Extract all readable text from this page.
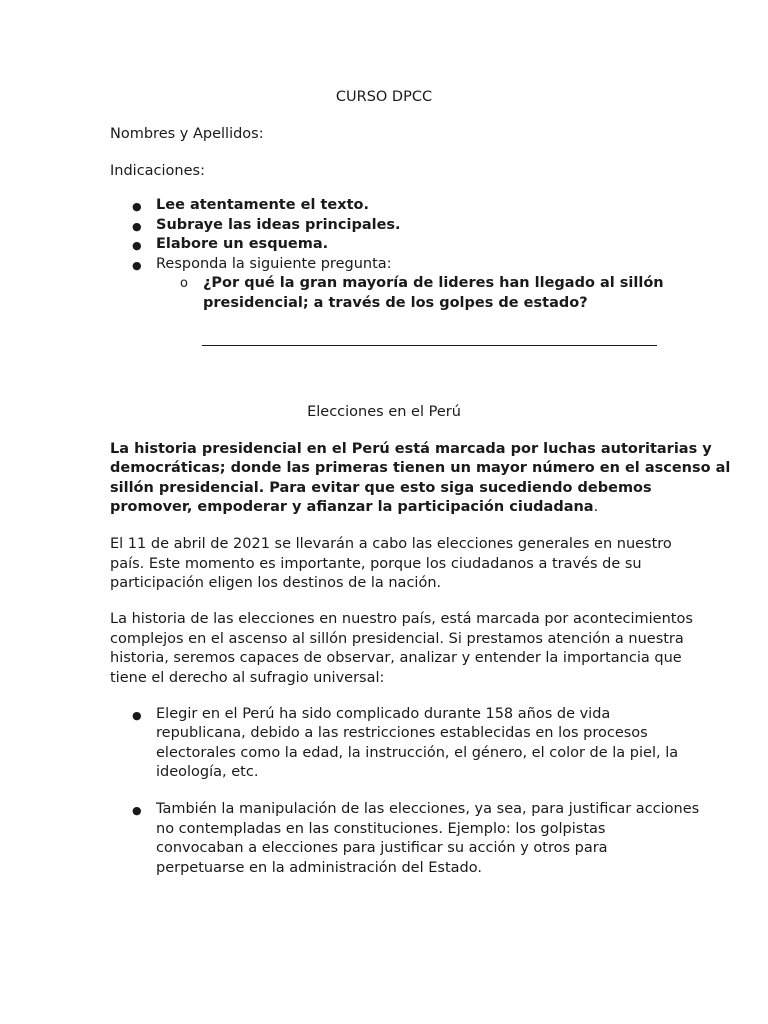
CURSO DPCC
Nombres y Apellidos:
Indicaciones:
● Lee atentamente el texto.
● Subraye las ideas principales.
● Elabore un esquema.
● Responda la siguiente pregunta:
o ¿Por qué la gran mayoría de lideres han llegado al sillón
presidencial; a través de los golpes de estado?
Elecciones en el Perú
La historia presidencial en el Perú está marcada por luchas autoritarias y
democráticas; donde las primeras tienen un mayor número en el ascenso al
sillón presidencial. Para evitar que esto siga sucediendo debemos
promover, empoderar y afianzar la participación ciudadana.
El 11 de abril de 2021 se llevarán a cabo las elecciones generales en nuestro
país. Este momento es importante, porque los ciudadanos a través de su
participación eligen los destinos de la nación.
La historia de las elecciones en nuestro país, está marcada por acontecimientos
complejos en el ascenso al sillón presidencial. Si prestamos atención a nuestra
historia, seremos capaces de observar, analizar y entender la importancia que
tiene el derecho al sufragio universal:
● Elegir en el Perú ha sido complicado durante 158 años de vida
republicana, debido a las restricciones establecidas en los procesos
electorales como la edad, la instrucción, el género, el color de la piel, la
ideología, etc.
● También la manipulación de las elecciones, ya sea, para justificar acciones
no contempladas en las constituciones. Ejemplo: los golpistas
convocaban a elecciones para justificar su acción y otros para
perpetuarse en la administración del Estado.
